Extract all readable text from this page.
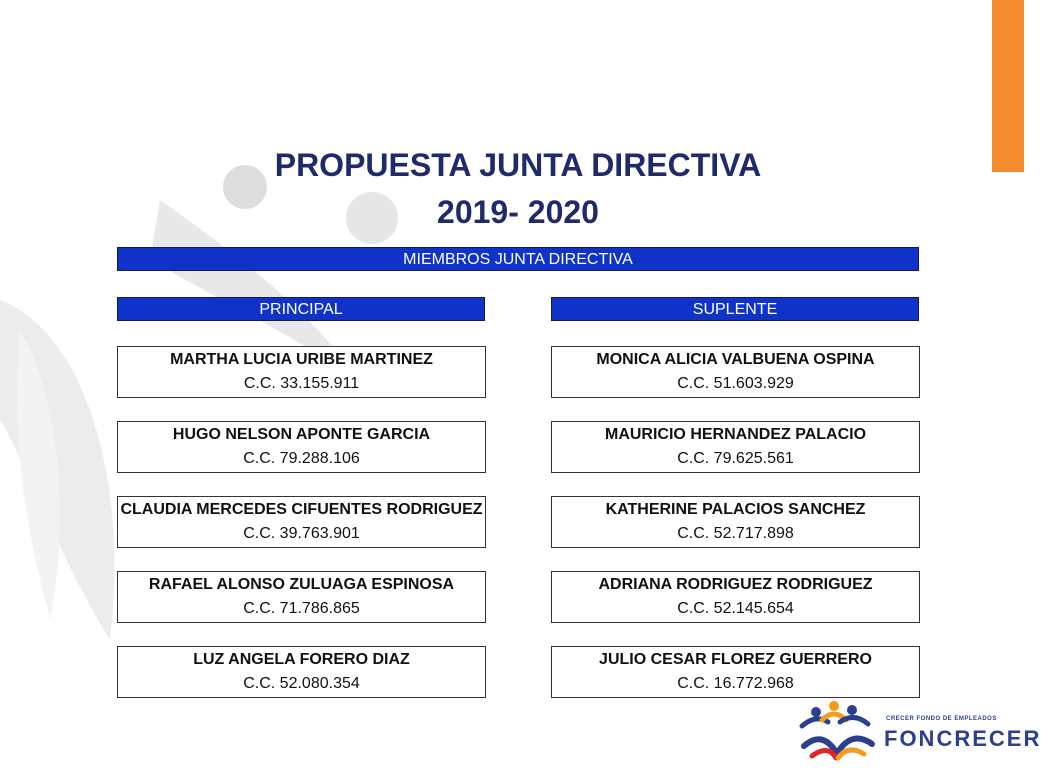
PROPUESTA JUNTA DIRECTIVA
2019- 2020
MIEMBROS JUNTA DIRECTIVA
PRINCIPAL	SUPLENTE
MARTHA LUCIA URIBE MARTINEZ
C.C. 33.155.911
HUGO NELSON APONTE GARCIA
C.C. 79.288.106
CLAUDIA MERCEDES CIFUENTES RODRIGUEZ
C.C. 39.763.901
RAFAEL ALONSO ZULUAGA ESPINOSA
C.C. 71.786.865
LUZ ANGELA FORERO DIAZ
C.C. 52.080.354
MONICA ALICIA VALBUENA OSPINA
C.C. 51.603.929
MAURICIO HERNANDEZ PALACIO
C.C. 79.625.561
KATHERINE PALACIOS SANCHEZ
C.C. 52.717.898
ADRIANA RODRIGUEZ RODRIGUEZ
C.C. 52.145.654
JULIO CESAR FLOREZ GUERRERO
C.C. 16.772.968
CRECER FONDO DE EMPLEADOS
FONCRECER
